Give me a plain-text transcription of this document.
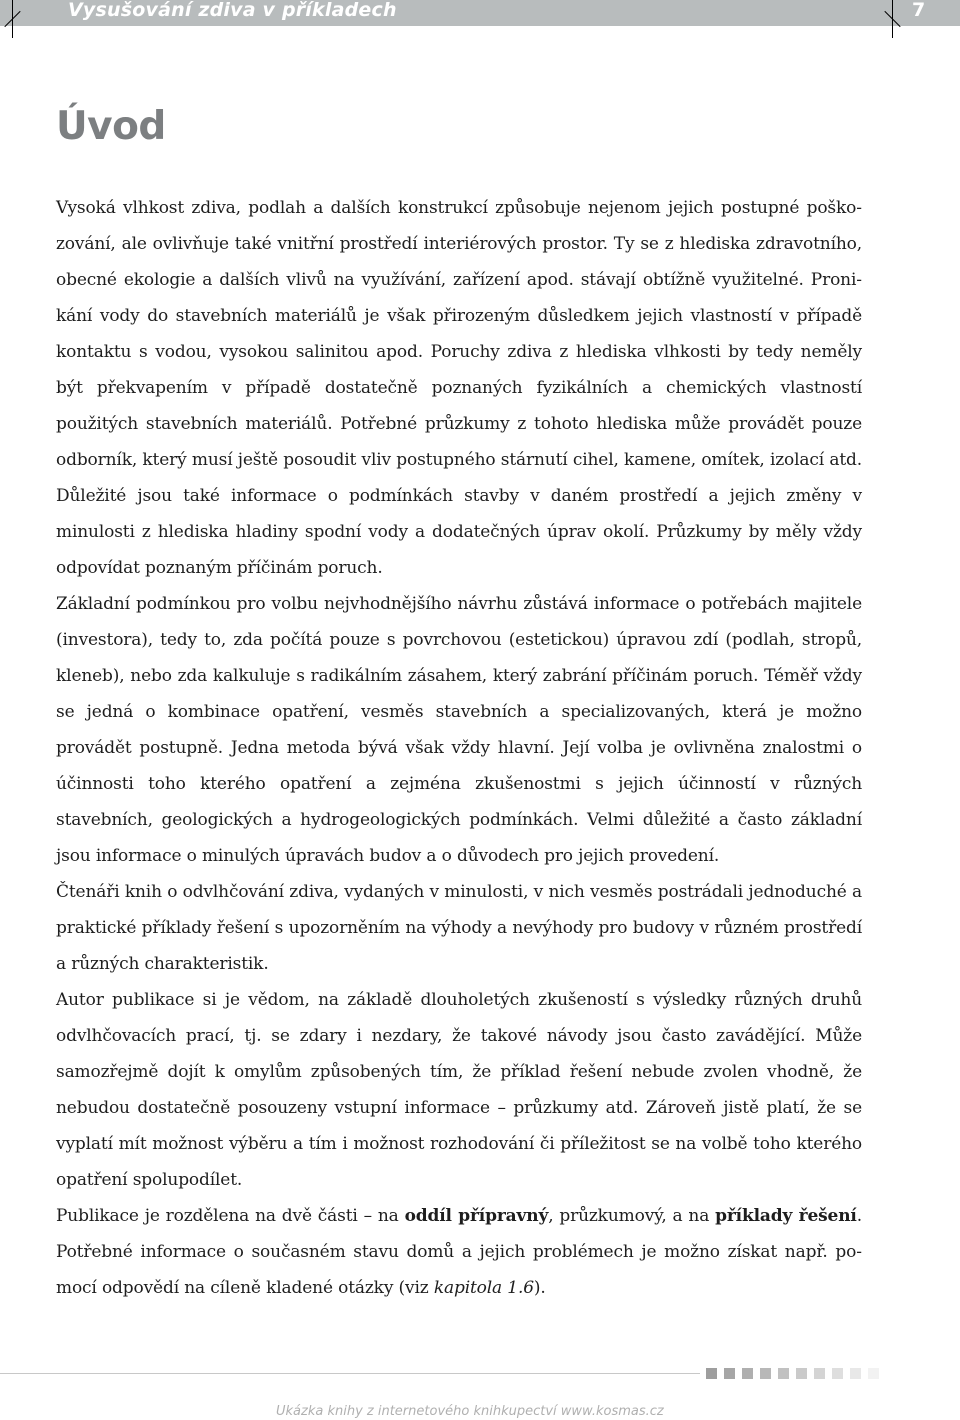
Vysušování zdiva v příkladech	7
Úvod

Vysoká vlhkost zdiva, podlah a dalších konstrukcí způsobuje nejenom jejich postupné poškozování, ale ovlivňuje také vnitřní prostředí interiérových prostor. Ty se z hlediska zdravotního, obecné ekologie a dalších vlivů na využívání, zařízení apod. stávají obtížně využitelné. Pronikání vody do stavebních materiálů je však přirozeným důsledkem jejich vlastností v případě kontaktu s vodou, vysokou salinitou apod. Poruchy zdiva z hlediska vlhkosti by tedy neměly být překvapením v případě dostatečně poznaných fyzikálních a chemických vlastností použitých stavebních materiálů. Potřebné průzkumy z tohoto hlediska může provádět pouze odborník, který musí ještě posoudit vliv postupného stárnutí cihel, kamene, omítek, izolací atd. Důležité jsou také informace o podmínkách stavby v daném prostředí a jejich změny v minulosti z hlediska hladiny spodní vody a dodatečných úprav okolí. Průzkumy by měly vždy odpovídat poznaným příčinám poruch.

Základní podmínkou pro volbu nejvhodnějšího návrhu zůstává informace o potřebách majitele (investora), tedy to, zda počítá pouze s povrchovou (estetickou) úpravou zdí (podlah, stropů, kleneb), nebo zda kalkuluje s radikálním zásahem, který zabrání příčinám poruch. Téměř vždy se jedná o kombinace opatření, vesměs stavebních a specializovaných, která je možno provádět postupně. Jedna metoda bývá však vždy hlavní. Její volba je ovlivněna znalostmi o účinnosti toho kterého opatření a zejména zkušenostmi s jejich účinností v různých stavebních, geologických a hydrogeologických podmínkách. Velmi důležité a často základní jsou informace o minulých úpravách budov a o důvodech pro jejich provedení.

Čtenáři knih o odvlhčování zdiva, vydaných v minulosti, v nich vesměs postrádali jednoduché a praktické příklady řešení s upozorněním na výhody a nevýhody pro budovy v různém prostředí a různých charakteristik.

Autor publikace si je vědom, na základě dlouholetých zkušeností s výsledky různých druhů odvlhčovacích prací, tj. se zdary i nezdary, že takové návody jsou často zavádějící. Může samozřejmě dojít k omylům způsobených tím, že příklad řešení nebude zvolen vhodně, že nebudou dostatečně posouzeny vstupní informace – průzkumy atd. Zároveň jistě platí, že se vyplatí mít možnost výběru a tím i možnost rozhodování či příležitost se na volbě toho kterého opatření spolupodílet.

Publikace je rozdělena na dvě části – na oddíl přípravný, průzkumový, a na příklady řešení. Potřebné informace o současném stavu domů a jejich problémech je možno získat např. pomocí odpovědí na cíleně kladené otázky (viz kapitola 1.6).

Ukázka knihy z internetového knihkupectví www.kosmas.cz
